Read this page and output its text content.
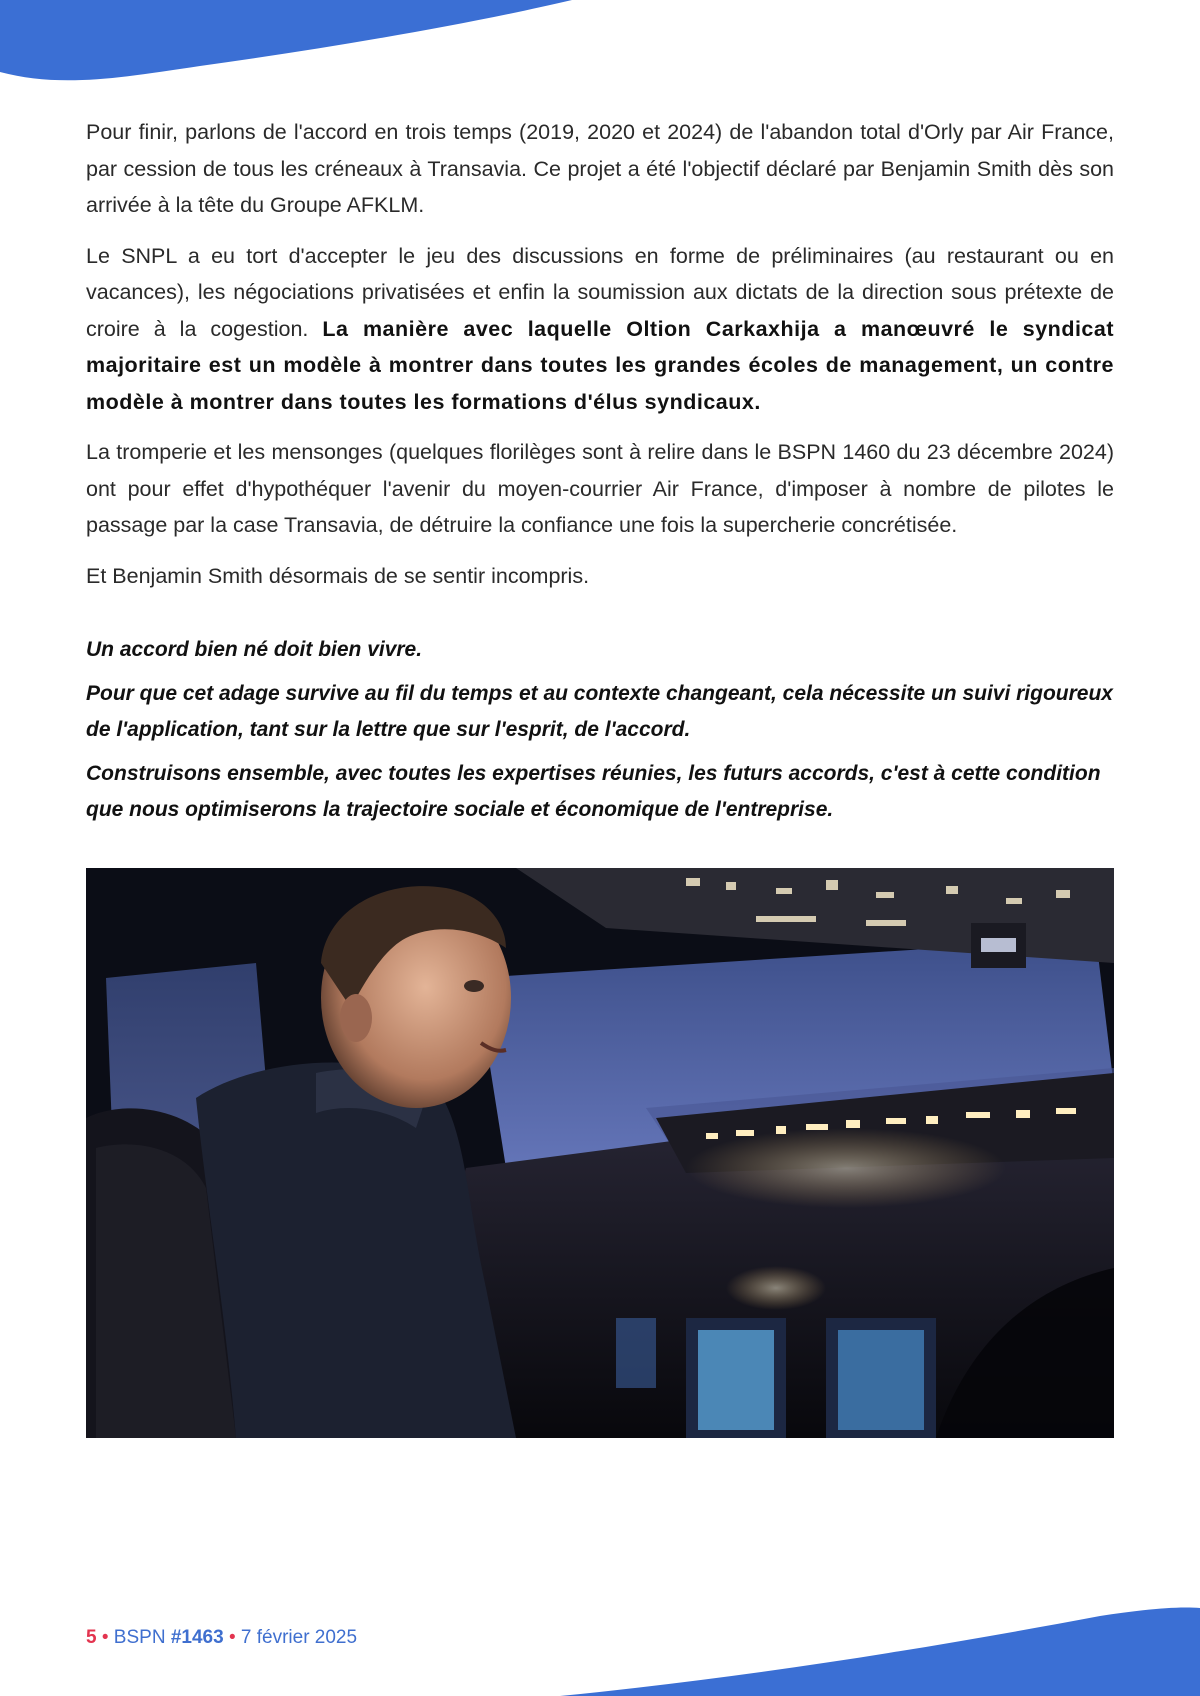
Pour finir, parlons de l'accord en trois temps (2019, 2020 et 2024) de l'abandon total d'Orly par Air France, par cession de tous les créneaux à Transavia. Ce projet a été l'objectif déclaré par Benjamin Smith dès son arrivée à la tête du Groupe AFKLM.

Le SNPL a eu tort d'accepter le jeu des discussions en forme de préliminaires (au restaurant ou en vacances), les négociations privatisées et enfin la soumission aux dictats de la direction sous prétexte de croire à la cogestion. La manière avec laquelle Oltion Carkaxhija a manœuvré le syndicat majoritaire est un modèle à montrer dans toutes les grandes écoles de management, un contre modèle à montrer dans toutes les formations d'élus syndicaux.

La tromperie et les mensonges (quelques florilèges sont à relire dans le BSPN 1460 du 23 décembre 2024) ont pour effet d'hypothéquer l'avenir du moyen-courrier Air France, d'imposer à nombre de pilotes le passage par la case Transavia, de détruire la confiance une fois la supercherie concrétisée.

Et Benjamin Smith désormais de se sentir incompris.

Un accord bien né doit bien vivre.

Pour que cet adage survive au fil du temps et au contexte changeant, cela nécessite un suivi rigoureux de l'application, tant sur la lettre que sur l'esprit, de l'accord.

Construisons ensemble, avec toutes les expertises réunies, les futurs accords, c'est à cette condition que nous optimiserons la trajectoire sociale et économique de l'entreprise.

5 • BSPN #1463 • 7 février 2025
